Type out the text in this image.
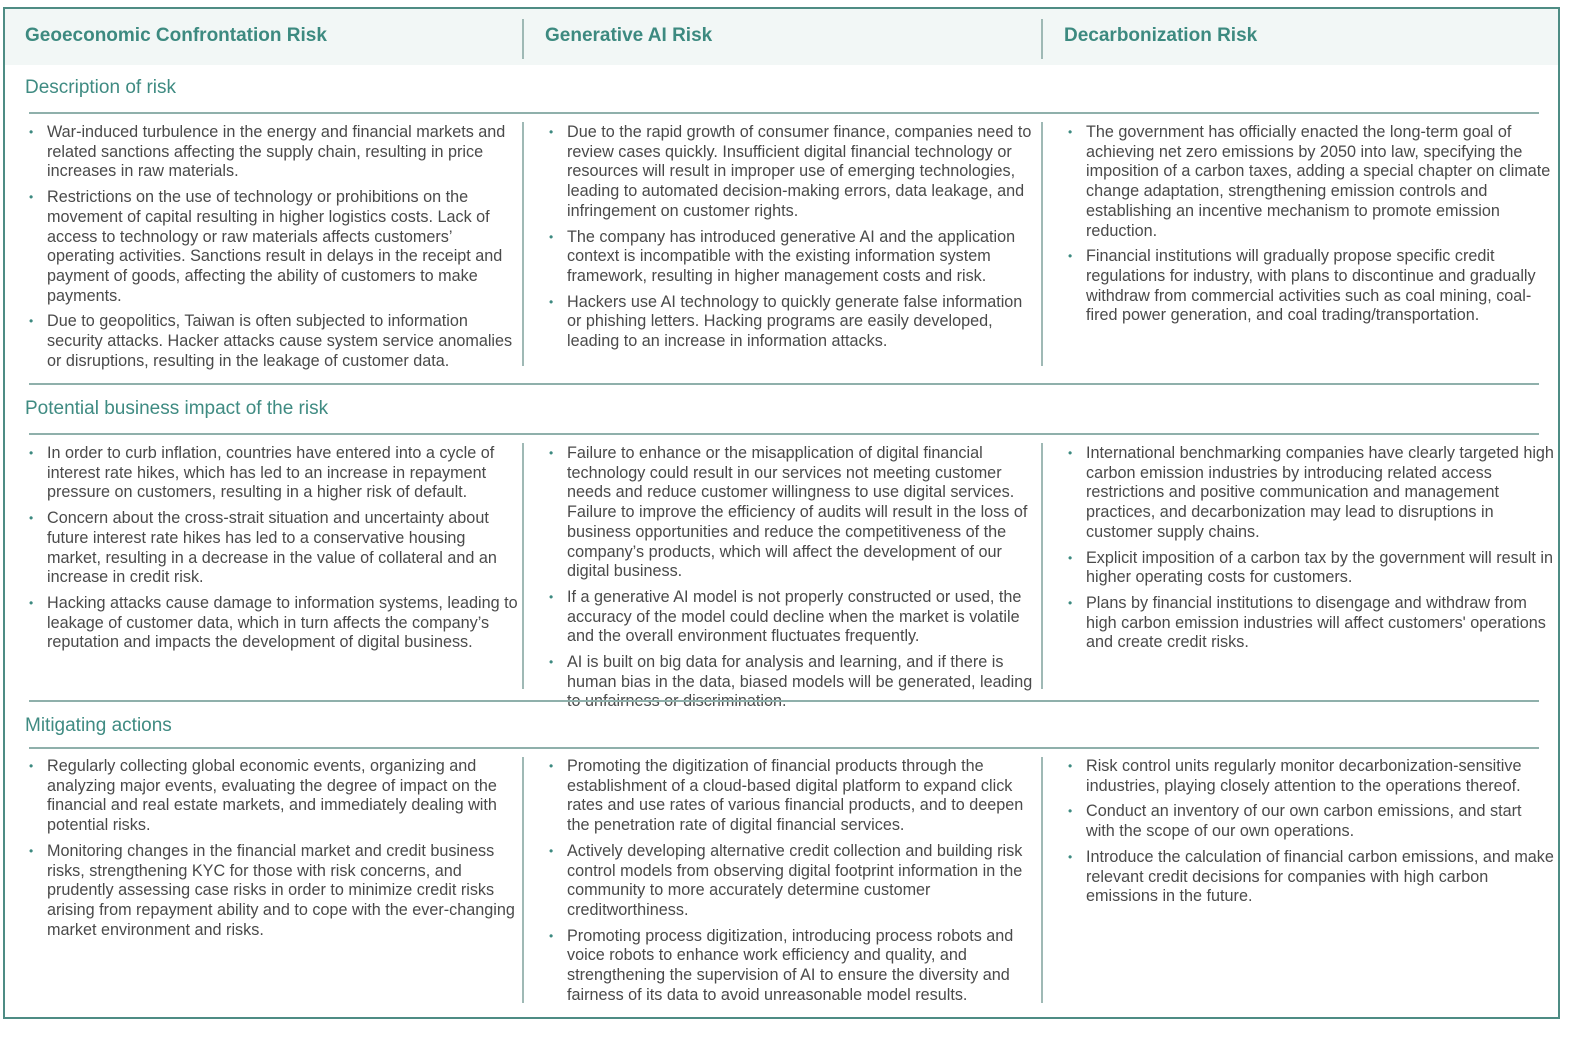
Geoeconomic Confrontation Risk	Generative AI Risk	Decarbonization Risk
Description of risk
• War-induced turbulence in the energy and financial markets and related sanctions affecting the supply chain, resulting in price increases in raw materials.
• Restrictions on the use of technology or prohibitions on the movement of capital resulting in higher logistics costs. Lack of access to technology or raw materials affects customers’ operating activities. Sanctions result in delays in the receipt and payment of goods, affecting the ability of customers to make payments.
• Due to geopolitics, Taiwan is often subjected to information security attacks. Hacker attacks cause system service anomalies or disruptions, resulting in the leakage of customer data.
• Due to the rapid growth of consumer finance, companies need to review cases quickly. Insufficient digital financial technology or resources will result in improper use of emerging technologies, leading to automated decision-making errors, data leakage, and infringement on customer rights.
• The company has introduced generative AI and the application context is incompatible with the existing information system framework, resulting in higher management costs and risk.
• Hackers use AI technology to quickly generate false information or phishing letters. Hacking programs are easily developed, leading to an increase in information attacks.
• The government has officially enacted the long-term goal of achieving net zero emissions by 2050 into law, specifying the imposition of a carbon taxes, adding a special chapter on climate change adaptation, strengthening emission controls and establishing an incentive mechanism to promote emission reduction.
• Financial institutions will gradually propose specific credit regulations for industry, with plans to discontinue and gradually withdraw from commercial activities such as coal mining, coal-fired power generation, and coal trading/transportation.
Potential business impact of the risk
• In order to curb inflation, countries have entered into a cycle of interest rate hikes, which has led to an increase in repayment pressure on customers, resulting in a higher risk of default.
• Concern about the cross-strait situation and uncertainty about future interest rate hikes has led to a conservative housing market, resulting in a decrease in the value of collateral and an increase in credit risk.
• Hacking attacks cause damage to information systems, leading to leakage of customer data, which in turn affects the company’s reputation and impacts the development of digital business.
• Failure to enhance or the misapplication of digital financial technology could result in our services not meeting customer needs and reduce customer willingness to use digital services. Failure to improve the efficiency of audits will result in the loss of business opportunities and reduce the competitiveness of the company’s products, which will affect the development of our digital business.
• If a generative AI model is not properly constructed or used, the accuracy of the model could decline when the market is volatile and the overall environment fluctuates frequently.
• AI is built on big data for analysis and learning, and if there is human bias in the data, biased models will be generated, leading
• International benchmarking companies have clearly targeted high carbon emission industries by introducing related access restrictions and positive communication and management practices, and decarbonization may lead to disruptions in customer supply chains.
• Explicit imposition of a carbon tax by the government will result in higher operating costs for customers.
• Plans by financial institutions to disengage and withdraw from high carbon emission industries will affect customers' operations and create credit risks.
Mitigating actions
• Regularly collecting global economic events, organizing and analyzing major events, evaluating the degree of impact on the financial and real estate markets, and immediately dealing with potential risks.
• Monitoring changes in the financial market and credit business risks, strengthening KYC for those with risk concerns, and prudently assessing case risks in order to minimize credit risks arising from repayment ability and to cope with the ever-changing market environment and risks.
• Promoting the digitization of financial products through the establishment of a cloud-based digital platform to expand click rates and use rates of various financial products, and to deepen the penetration rate of digital financial services.
• Actively developing alternative credit collection and building risk control models from observing digital footprint information in the community to more accurately determine customer creditworthiness.
• Promoting process digitization, introducing process robots and voice robots to enhance work efficiency and quality, and strengthening the supervision of AI to ensure the diversity and fairness of its data to avoid unreasonable model results.
• Risk control units regularly monitor decarbonization-sensitive industries, playing closely attention to the operations thereof.
• Conduct an inventory of our own carbon emissions, and start with the scope of our own operations.
• Introduce the calculation of financial carbon emissions, and make relevant credit decisions for companies with high carbon emissions in the future.
